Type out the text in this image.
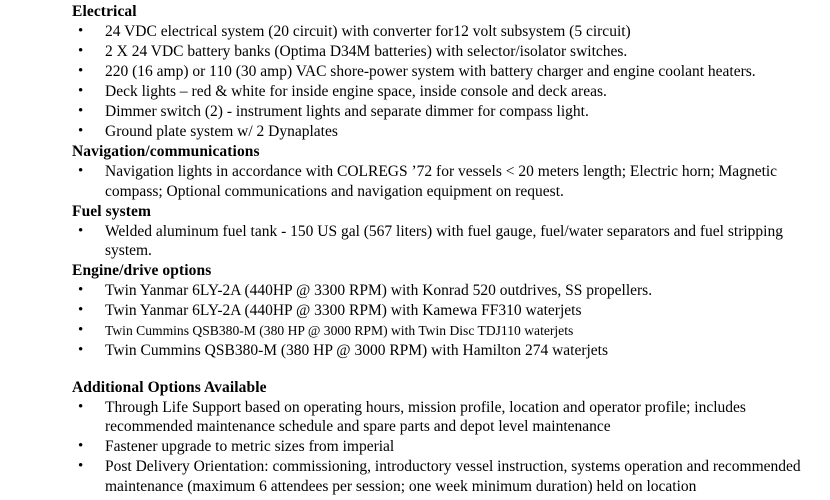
Electrical
• 24 VDC electrical system (20 circuit) with converter for12 volt subsystem (5 circuit)
• 2 X 24 VDC battery banks (Optima D34M batteries) with selector/isolator switches.
• 220 (16 amp) or 110 (30 amp) VAC shore-power system with battery charger and engine coolant heaters.
• Deck lights – red & white for inside engine space, inside console and deck areas.
• Dimmer switch (2) - instrument lights and separate dimmer for compass light.
• Ground plate system w/ 2 Dynaplates
Navigation/communications
• Navigation lights in accordance with COLREGS ’72 for vessels < 20 meters length; Electric horn; Magnetic compass; Optional communications and navigation equipment on request.
Fuel system
• Welded aluminum fuel tank - 150 US gal (567 liters) with fuel gauge, fuel/water separators and fuel stripping system.
Engine/drive options
• Twin Yanmar 6LY-2A (440HP @ 3300 RPM) with Konrad 520 outdrives, SS propellers.
• Twin Yanmar 6LY-2A (440HP @ 3300 RPM) with Kamewa FF310 waterjets
• Twin Cummins QSB380-M (380 HP @ 3000 RPM) with Twin Disc TDJ110 waterjets
• Twin Cummins QSB380-M (380 HP @ 3000 RPM) with Hamilton 274 waterjets
Additional Options Available
• Through Life Support based on operating hours, mission profile, location and operator profile; includes recommended maintenance schedule and spare parts and depot level maintenance
• Fastener upgrade to metric sizes from imperial
• Post Delivery Orientation: commissioning, introductory vessel instruction, systems operation and recommended maintenance (maximum 6 attendees per session; one week minimum duration) held on location
